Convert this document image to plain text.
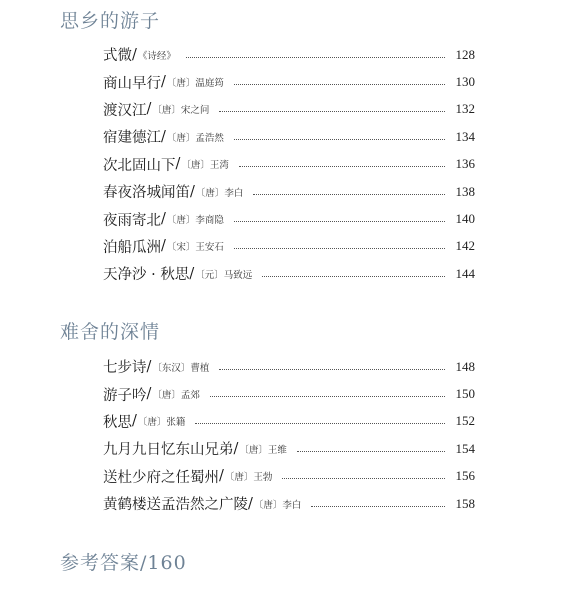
思乡的游子
式微 / 《诗经》	128
商山早行 / 〔唐〕温庭筠	130
渡汉江 / 〔唐〕宋之问	132
宿建德江 / 〔唐〕孟浩然	134
次北固山下 / 〔唐〕王湾	136
春夜洛城闻笛 / 〔唐〕李白	138
夜雨寄北 / 〔唐〕李商隐	140
泊船瓜洲 / 〔宋〕王安石	142
天净沙 · 秋思 / 〔元〕马致远	144
难舍的深情
七步诗 / 〔东汉〕曹植	148
游子吟 / 〔唐〕孟郊	150
秋思 / 〔唐〕张籍	152
九月九日忆东山兄弟 / 〔唐〕王维	154
送杜少府之任蜀州 / 〔唐〕王勃	156
黄鹤楼送孟浩然之广陵 / 〔唐〕李白	158
参考答案/160
